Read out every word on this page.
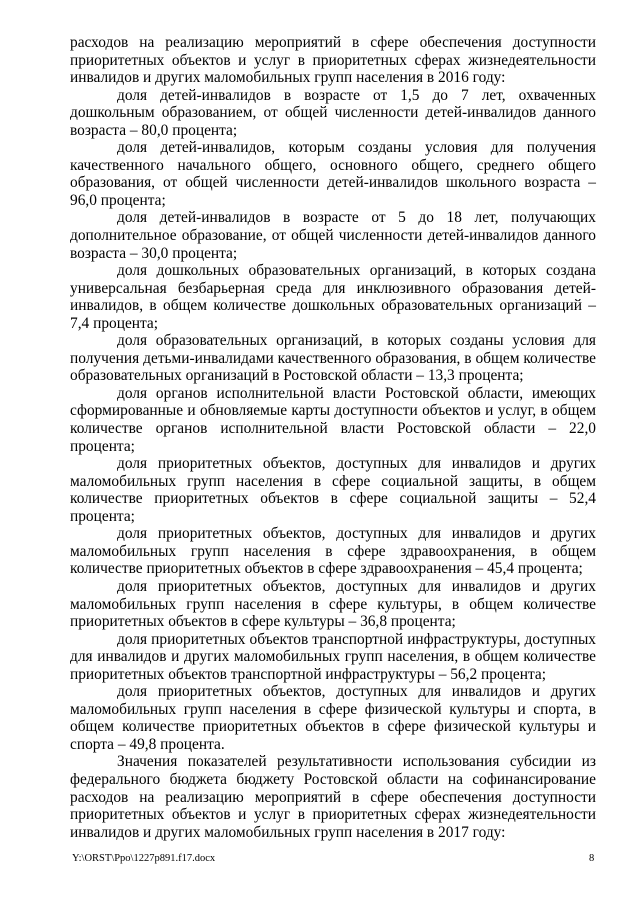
расходов на реализацию мероприятий в сфере обеспечения доступности приоритетных объектов и услуг в приоритетных сферах жизнедеятельности инвалидов и других маломобильных групп населения в 2016 году:

доля детей-инвалидов в возрасте от 1,5 до 7 лет, охваченных дошкольным образованием, от общей численности детей-инвалидов данного возраста – 80,0 процента;

доля детей-инвалидов, которым созданы условия для получения качественного начального общего, основного общего, среднего общего образования, от общей численности детей-инвалидов школьного возраста – 96,0 процента;

доля детей-инвалидов в возрасте от 5 до 18 лет, получающих дополнительное образование, от общей численности детей-инвалидов данного возраста – 30,0 процента;

доля дошкольных образовательных организаций, в которых создана универсальная безбарьерная среда для инклюзивного образования детей-инвалидов, в общем количестве дошкольных образовательных организаций – 7,4 процента;

доля образовательных организаций, в которых созданы условия для получения детьми-инвалидами качественного образования, в общем количестве образовательных организаций в Ростовской области – 13,3 процента;

доля органов исполнительной власти Ростовской области, имеющих сформированные и обновляемые карты доступности объектов и услуг, в общем количестве органов исполнительной власти Ростовской области – 22,0 процента;

доля приоритетных объектов, доступных для инвалидов и других маломобильных групп населения в сфере социальной защиты, в общем количестве приоритетных объектов в сфере социальной защиты – 52,4 процента;

доля приоритетных объектов, доступных для инвалидов и других маломобильных групп населения в сфере здравоохранения, в общем количестве приоритетных объектов в сфере здравоохранения – 45,4 процента;

доля приоритетных объектов, доступных для инвалидов и других маломобильных групп населения в сфере культуры, в общем количестве приоритетных объектов в сфере культуры – 36,8 процента;

доля приоритетных объектов транспортной инфраструктуры, доступных для инвалидов и других маломобильных групп населения, в общем количестве приоритетных объектов транспортной инфраструктуры – 56,2 процента;

доля приоритетных объектов, доступных для инвалидов и других маломобильных групп населения в сфере физической культуры и спорта, в общем количестве приоритетных объектов в сфере физической культуры и спорта – 49,8 процента.

Значения показателей результативности использования субсидии из федерального бюджета бюджету Ростовской области на софинансирование расходов на реализацию мероприятий в сфере обеспечения доступности приоритетных объектов и услуг в приоритетных сферах жизнедеятельности инвалидов и других маломобильных групп населения в 2017 году:

Y:\ORST\Ppo\1227p891.f17.docx	8
